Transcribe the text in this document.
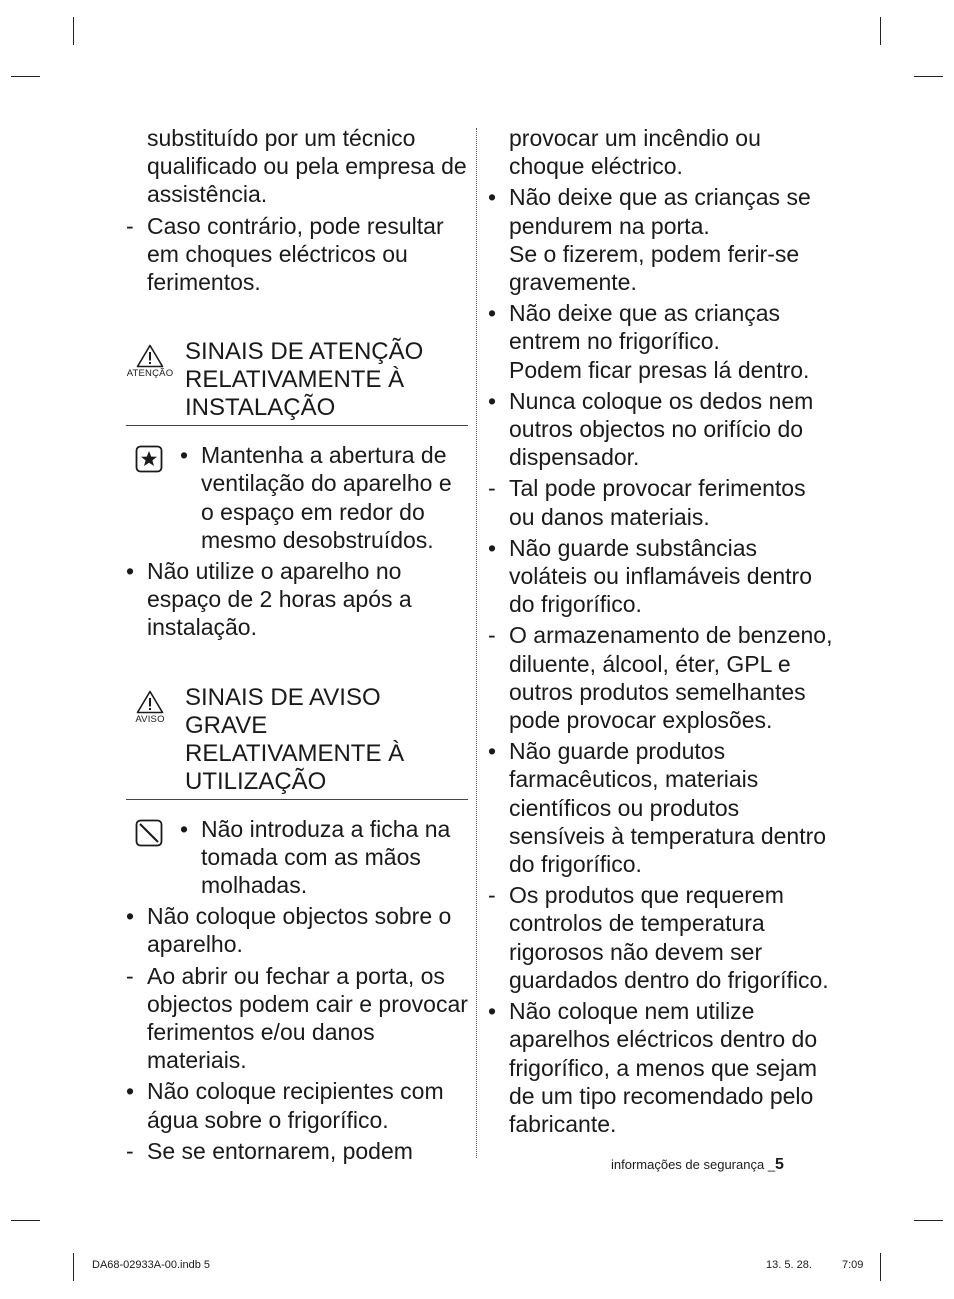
substituído por um técnico qualificado ou pela empresa de assistência.

- Caso contrário, pode resultar em choques eléctricos ou ferimentos.

ATENÇÃO
SINAIS DE ATENÇÃO RELATIVAMENTE À INSTALAÇÃO

• Mantenha a abertura de ventilação do aparelho e o espaço em redor do mesmo desobstruídos.

• Não utilize o aparelho no espaço de 2 horas após a instalação.

AVISO
SINAIS DE AVISO GRAVE RELATIVAMENTE À UTILIZAÇÃO

• Não introduza a ficha na tomada com as mãos molhadas.

• Não coloque objectos sobre o aparelho.

- Ao abrir ou fechar a porta, os objectos podem cair e provocar ferimentos e/ou danos materiais.

• Não coloque recipientes com água sobre o frigorífico.

- Se se entornarem, podem

provocar um incêndio ou choque eléctrico.

• Não deixe que as crianças se pendurem na porta.
Se o fizerem, podem ferir-se gravemente.

• Não deixe que as crianças entrem no frigorífico.
Podem ficar presas lá dentro.

• Nunca coloque os dedos nem outros objectos no orifício do dispensador.

- Tal pode provocar ferimentos ou danos materiais.

• Não guarde substâncias voláteis ou inflamáveis dentro do frigorífico.

- O armazenamento de benzeno, diluente, álcool, éter, GPL e outros produtos semelhantes pode provocar explosões.

• Não guarde produtos farmacêuticos, materiais científicos ou produtos sensíveis à temperatura dentro do frigorífico.

- Os produtos que requerem controlos de temperatura rigorosos não devem ser guardados dentro do frigorífico.

• Não coloque nem utilize aparelhos eléctricos dentro do frigorífico, a menos que sejam de um tipo recomendado pelo fabricante.

informações de segurança _5
DA68-02933A-00.indb 5	13. 5. 28.	7:09
